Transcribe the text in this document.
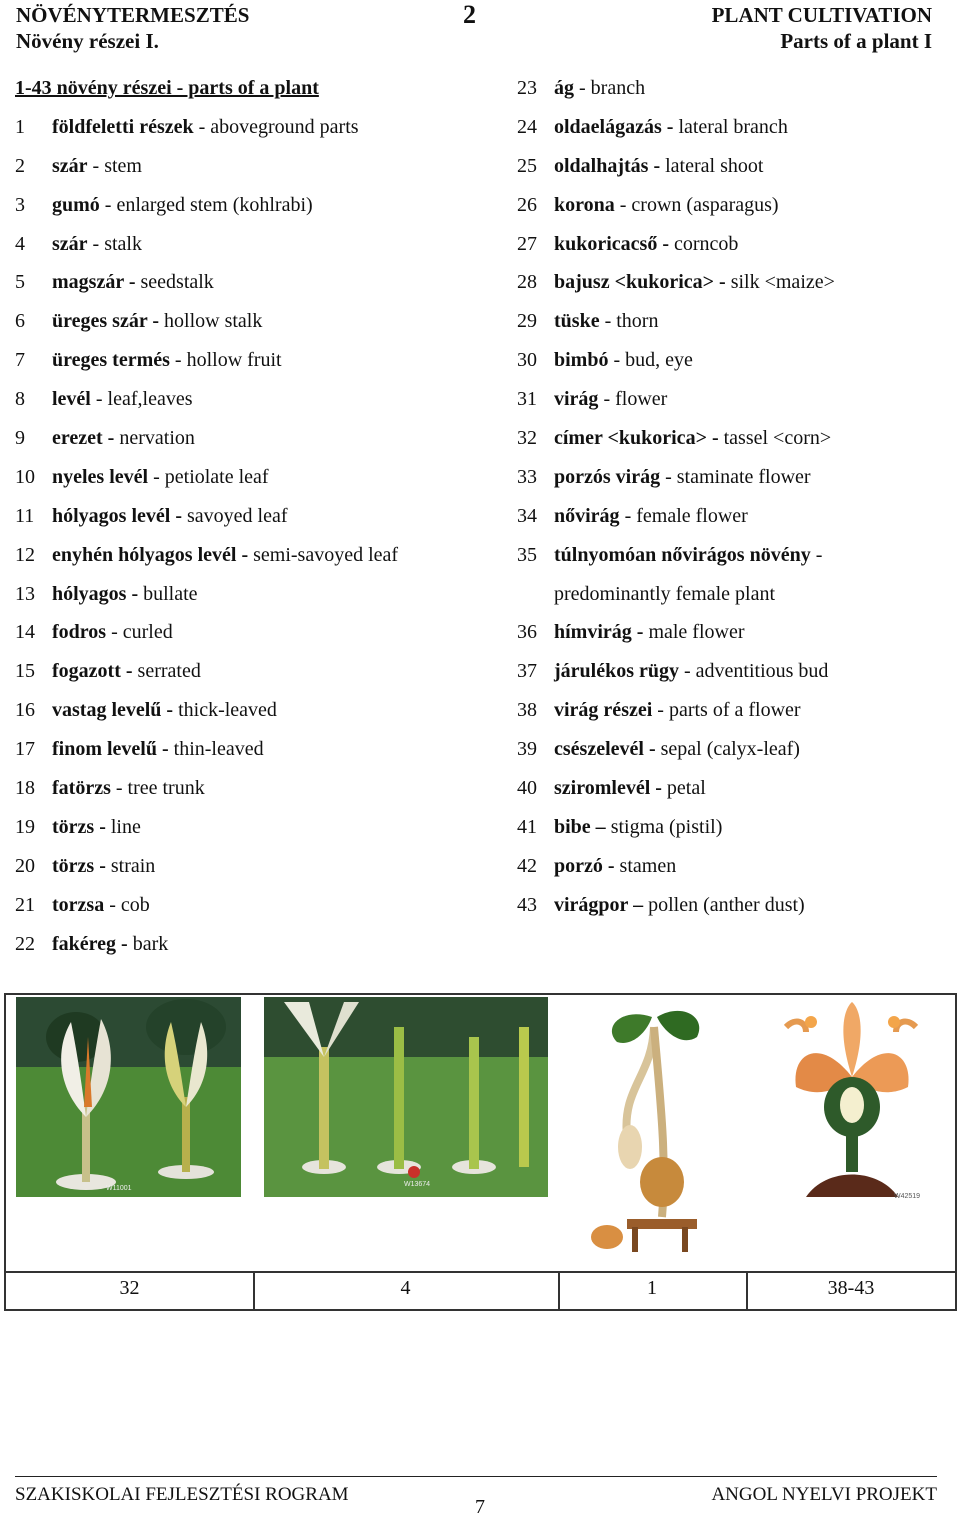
NÖVÉNYTERMESZTÉS
Növény részei I.
2	PLANT CULTIVATION
Parts of a plant I
1-43 növény részei - parts of a plant
1	földfeletti részek - aboveground parts
2	szár - stem
3	gumó - enlarged stem (kohlrabi)
4	szár - stalk
5	magszár - seedstalk
6	üreges szár - hollow stalk
7	üreges termés - hollow fruit
8	levél - leaf,leaves
9	erezet - nervation
10 nyeles levél - petiolate leaf
11 hólyagos levél - savoyed leaf
12 enyhén hólyagos levél - semi-savoyed leaf
13 hólyagos - bullate
14 fodros - curled
15 fogazott - serrated
16 vastag levelű - thick-leaved
17 finom levelű - thin-leaved
18 fatörzs - tree trunk
19 törzs - line
20 törzs - strain
21 torzsa - cob
22 fakéreg - bark
23 ág - branch
24 oldaelágazás - lateral branch
25 oldalhajtás - lateral shoot
26 korona - crown (asparagus)
27 kukoricacső - corncob
28 bajusz <kukorica> - silk <maize>
29 tüske - thorn
30 bimbó - bud, eye
31 virág - flower
32 címer <kukorica> - tassel <corn>
33 porzós virág - staminate flower
34 nővirág - female flower
35 túlnyomóan nővirágos növény -
predominantly female plant
36 hímvirág - male flower
37 járulékos rügy - adventitious bud
38 virág részei - parts of a flower
39 csészelevél - sepal (calyx-leaf)
40 sziromlevél - petal
41 bibe – stigma (pistil)
42 porzó - stamen
43 virágpor – pollen (anther dust)
W11001
W13674
W42519
32	4	1	38-43
SZAKISKOLAI FEJLESZTÉSI ROGRAM
7
ANGOL NYELVI PROJEKT
